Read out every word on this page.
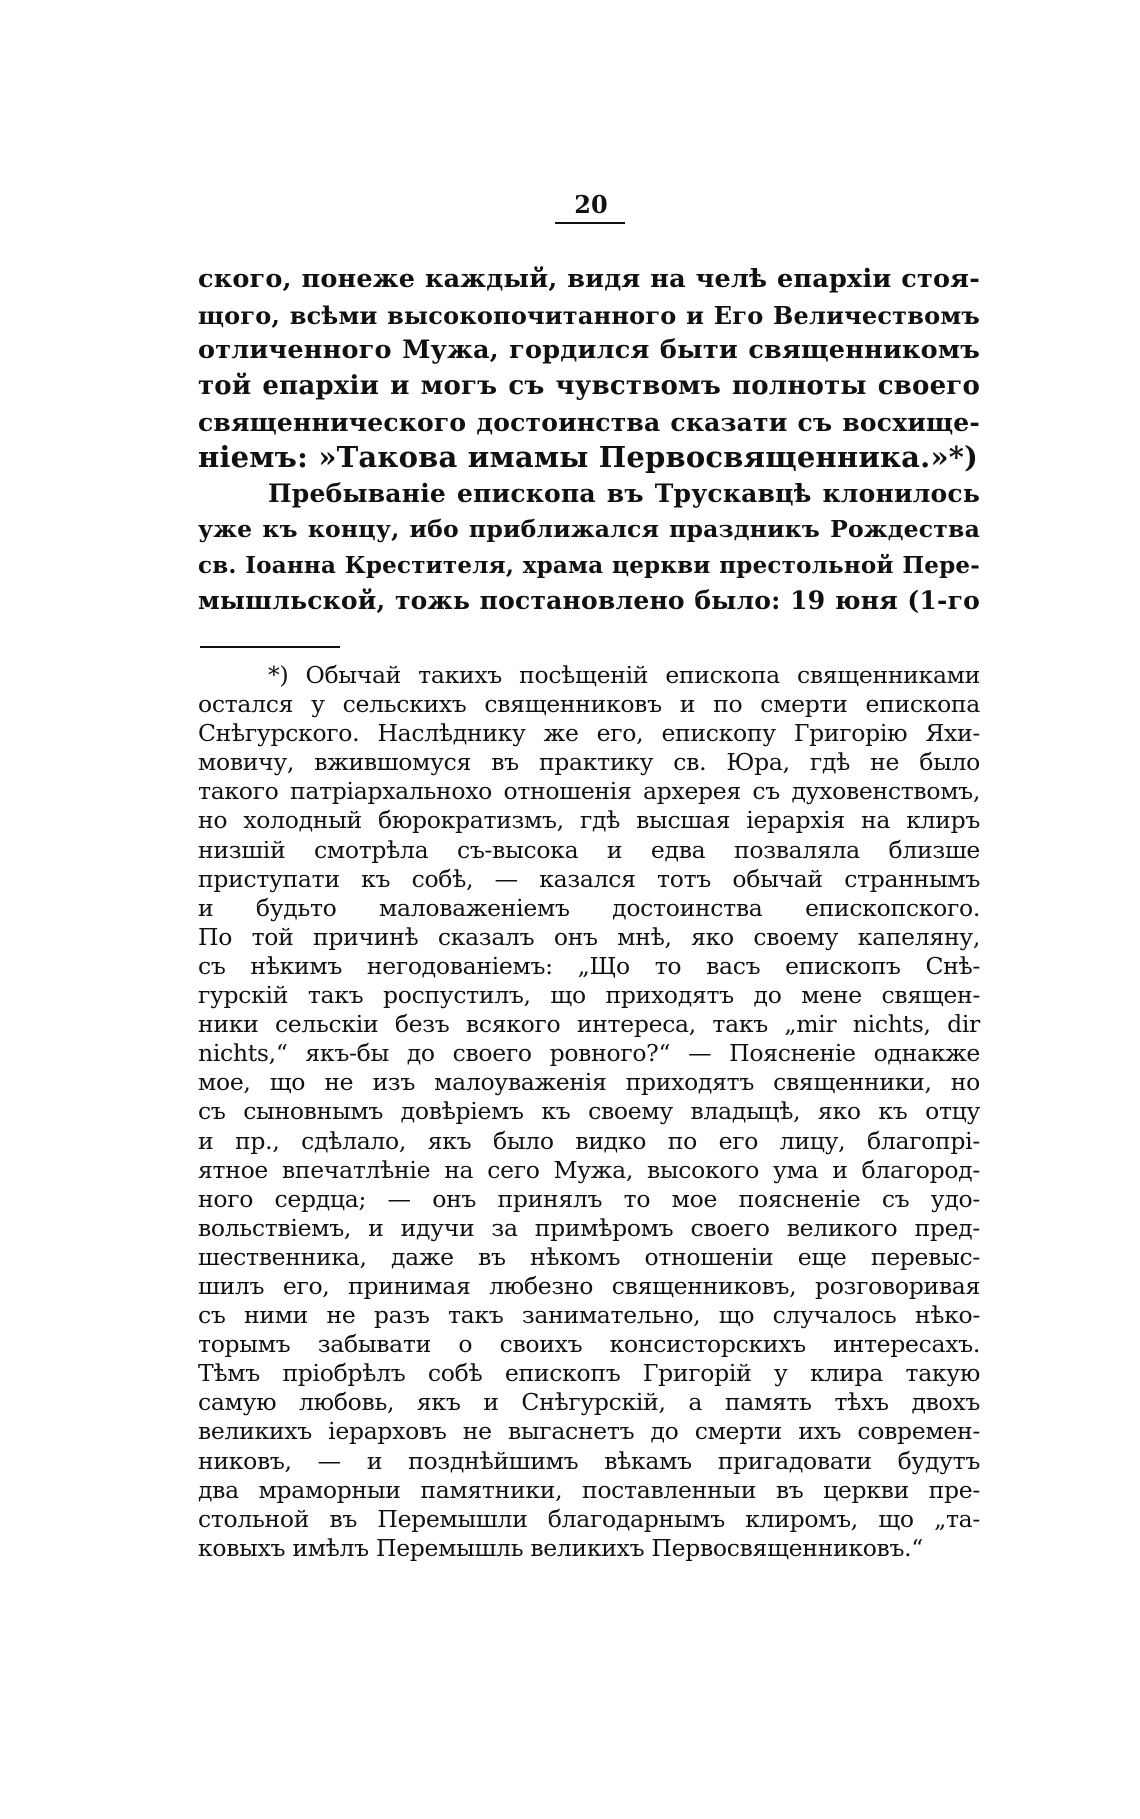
20
ского, понеже каждый, видя на челѣ епархіи стоя-
щого, всѣми высокопочитанного и Его Величествомъ
отличенного Мужа, гордился быти священникомъ
той епархіи и могъ съ чувствомъ полноты своего
священнического достоинства сказати съ восхище-
ніемъ: »Такова имамы Первосвященника.»*)
Пребываніе епископа въ Трускавцѣ клонилось
уже къ концу, ибо приближался праздникъ Рождества
св. Іоанна Крестителя, храма церкви престольной Пере-
мышльской, тожь постановлено было: 19 юня (1-го
*) Обычай такихъ посѣщеній епископа священниками
остался у сельскихъ священниковъ и по смерти епископа
Снѣгурского. Наслѣднику же его, епископу Григорію Яхи-
мовичу, вжившомуся въ практику св. Юра, гдѣ не было
такого патріархальнохо отношенія архерея съ духовенствомъ,
но холодный бюрократизмъ, гдѣ высшая іерархія на клиръ
низшій смотрѣла съ-высока и едва позваляла близше
приступати къ собѣ, — казался тотъ обычай страннымъ
и будьто маловаженіемъ достоинства епископского.
По той причинѣ сказалъ онъ мнѣ, яко своему капеляну,
съ нѣкимъ негодованіемъ: „Що то васъ епископъ Снѣ-
гурскій такъ роспустилъ, що приходятъ до мене священ-
ники сельскіи безъ всякого интереса, такъ „mir nichts, dir
nichts,“ якъ-бы до своего ровного?“ — Поясненіе однакже
мое, що не изъ малоуваженія приходятъ священники, но
съ сыновнымъ довѣріемъ къ своему владыцѣ, яко къ отцу
и пр., сдѣлало, якъ было видко по его лицу, благопрі-
ятное впечатлѣніе на сего Мужа, высокого ума и благород-
ного сердца; — онъ принялъ то мое поясненіе съ удо-
вольствіемъ, и идучи за примѣромъ своего великого пред-
шественника, даже въ нѣкомъ отношеніи еще перевыс-
шилъ его, принимая любезно священниковъ, розговоривая
съ ними не разъ такъ занимательно, що случалось нѣко-
торымъ забывати о своихъ консисторскихъ интересахъ.
Тѣмъ пріобрѣлъ собѣ епископъ Григорій у клира такую
самую любовь, якъ и Снѣгурскій, а память тѣхъ двохъ
великихъ іерарховъ не выгаснетъ до смерти ихъ современ-
никовъ, — и позднѣйшимъ вѣкамъ пригадовати будутъ
два мраморныи памятники, поставленныи въ церкви пре-
стольной въ Перемышли благодарнымъ клиромъ, що „та-
ковыхъ имѣлъ Перемышль великихъ Первосвященниковъ.“
